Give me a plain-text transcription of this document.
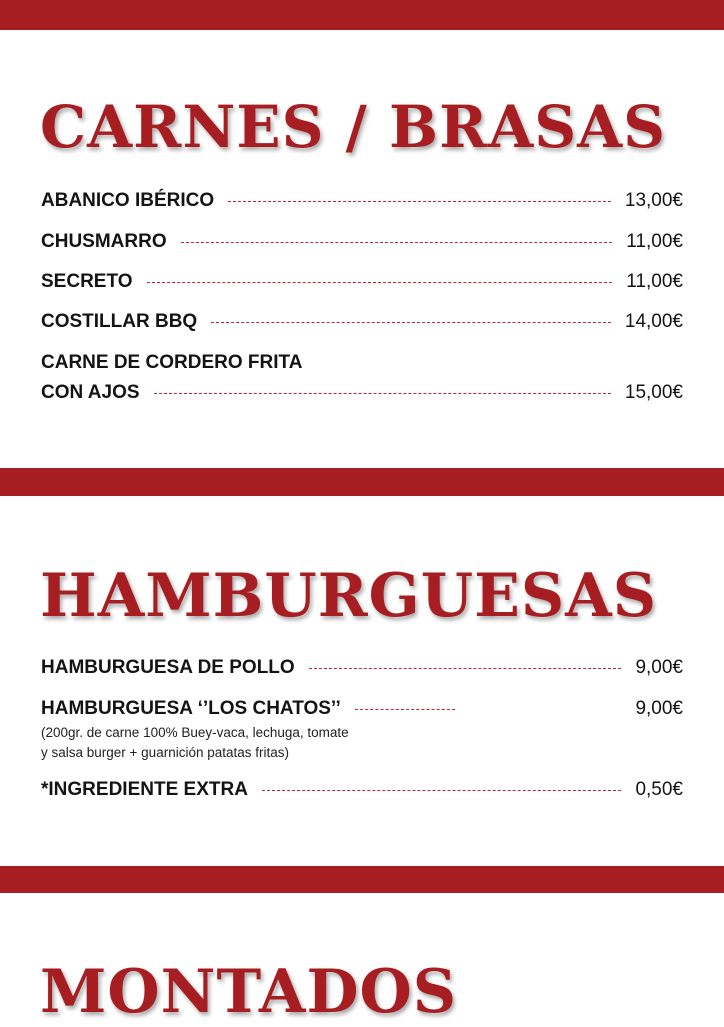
CARNES / BRASAS
ABANICO IBÉRICO	13,00€
CHUSMARRO	11,00€
SECRETO	11,00€
COSTILLAR BBQ	14,00€
CARNE DE CORDERO FRITA
CON AJOS	15,00€
HAMBURGUESAS
HAMBURGUESA DE POLLO	9,00€
HAMBURGUESA ‘’LOS CHATOS’’	9,00€
(200gr. de carne 100% Buey-vaca, lechuga, tomate
y salsa burger + guarnición patatas fritas)
*INGREDIENTE EXTRA	0,50€
MONTADOS
